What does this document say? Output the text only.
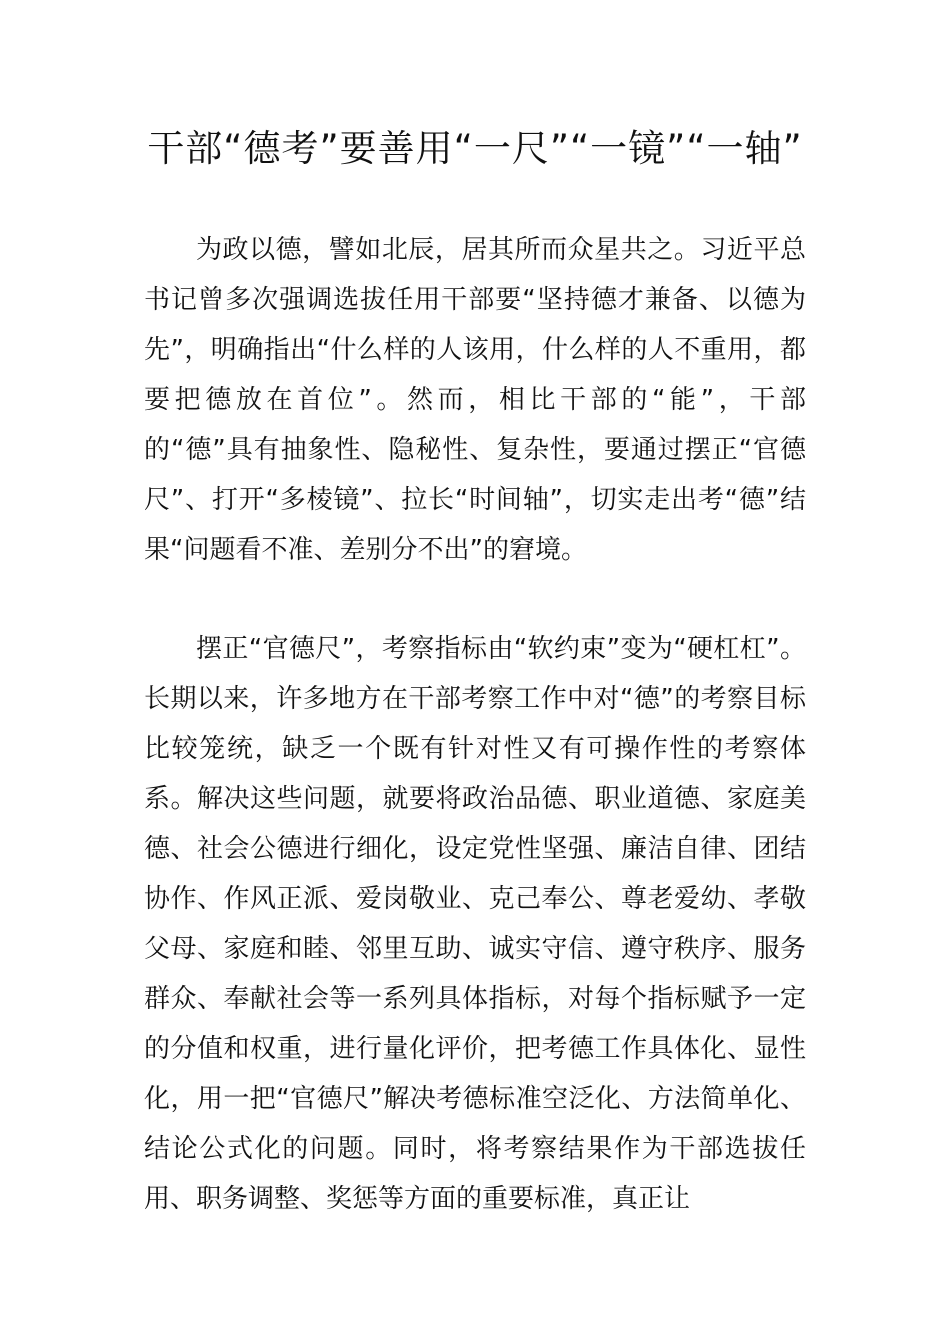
干部“德考”要善用“一尺”“一镜”“一轴”

为政以德，譬如北辰，居其所而众星共之。习近平总书记曾多次强调选拔任用干部要“坚持德才兼备、以德为先”，明确指出“什么样的人该用，什么样的人不重用，都要把德放在首位”。然而，相比干部的“能”，干部的“德”具有抽象性、隐秘性、复杂性，要通过摆正“官德尺”、打开“多棱镜”、拉长“时间轴”，切实走出考“德”结果“问题看不准、差别分不出”的窘境。

摆正“官德尺”，考察指标由“软约束”变为“硬杠杠”。长期以来，许多地方在干部考察工作中对“德”的考察目标比较笼统，缺乏一个既有针对性又有可操作性的考察体系。解决这些问题，就要将政治品德、职业道德、家庭美德、社会公德进行细化，设定党性坚强、廉洁自律、团结协作、作风正派、爱岗敬业、克己奉公、尊老爱幼、孝敬父母、家庭和睦、邻里互助、诚实守信、遵守秩序、服务群众、奉献社会等一系列具体指标，对每个指标赋予一定的分值和权重，进行量化评价，把考德工作具体化、显性化，用一把“官德尺”解决考德标准空泛化、方法简单化、结论公式化的问题。同时，将考察结果作为干部选拔任用、职务调整、奖惩等方面的重要标准，真正让
